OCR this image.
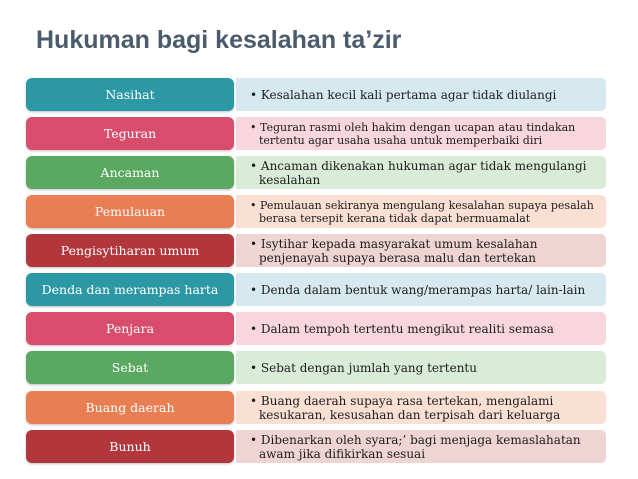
Hukuman bagi kesalahan ta’zir
Nasihat	• Kesalahan kecil kali pertama agar tidak diulangi
Teguran	• Teguran rasmi oleh hakim dengan ucapan atau tindakan tertentu agar usaha usaha untuk memperbaiki diri
Ancaman	• Ancaman dikenakan hukuman agar tidak mengulangi kesalahan
Pemulauan	• Pemulauan sekiranya mengulang kesalahan supaya pesalah berasa tersepit kerana tidak dapat bermuamalat
Pengisytiharan umum	• Isytihar kepada masyarakat umum kesalahan penjenayah supaya berasa malu dan tertekan
Denda dan merampas harta	• Denda dalam bentuk wang/merampas harta/ lain-lain
Penjara	• Dalam tempoh tertentu mengikut realiti semasa
Sebat	• Sebat dengan jumlah yang tertentu
Buang daerah	• Buang daerah supaya rasa tertekan, mengalami kesukaran, kesusahan dan terpisah dari keluarga
Bunuh	• Dibenarkan oleh syara;’ bagi menjaga kemaslahatan awam jika difikirkan sesuai
